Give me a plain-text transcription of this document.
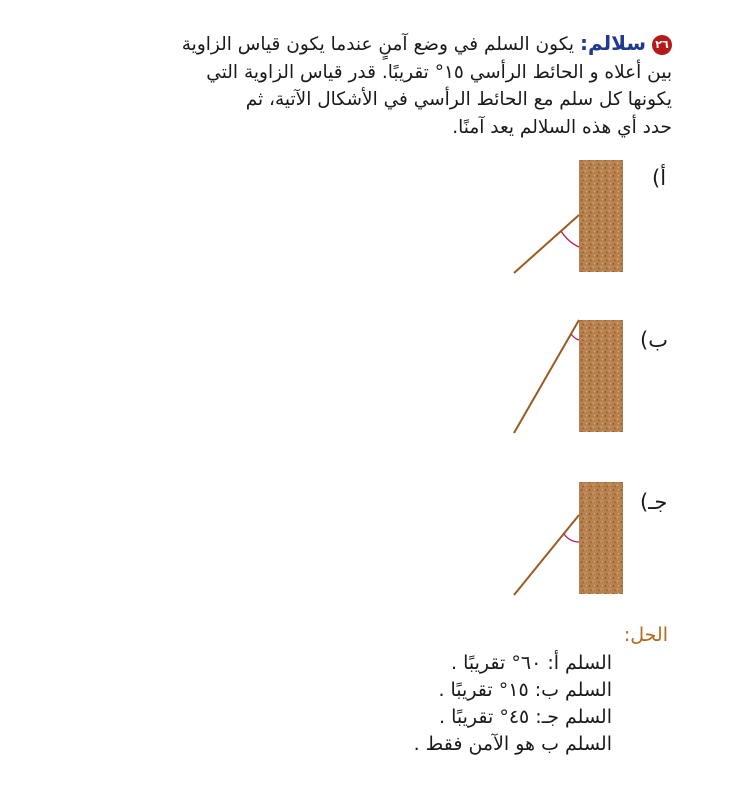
٢٦سلالم: يكون السلم في وضع آمنٍ عندما يكون قياس الزاوية
بين أعلاه و الحائط الرأسي ١٥° تقريبًا. قدر قياس الزاوية التي
يكونها كل سلم مع الحائط الرأسي في الأشكال الآتية، ثم
حدد أي هذه السلالم يعد آمنًا.
أ)
ب)
جـ)
الحل:
السلم أ: ٦٠° تقريبًا .
السلم ب: ١٥° تقريبًا .
السلم جـ: ٤٥° تقريبًا .
السلم ب هو الآمن فقط .
